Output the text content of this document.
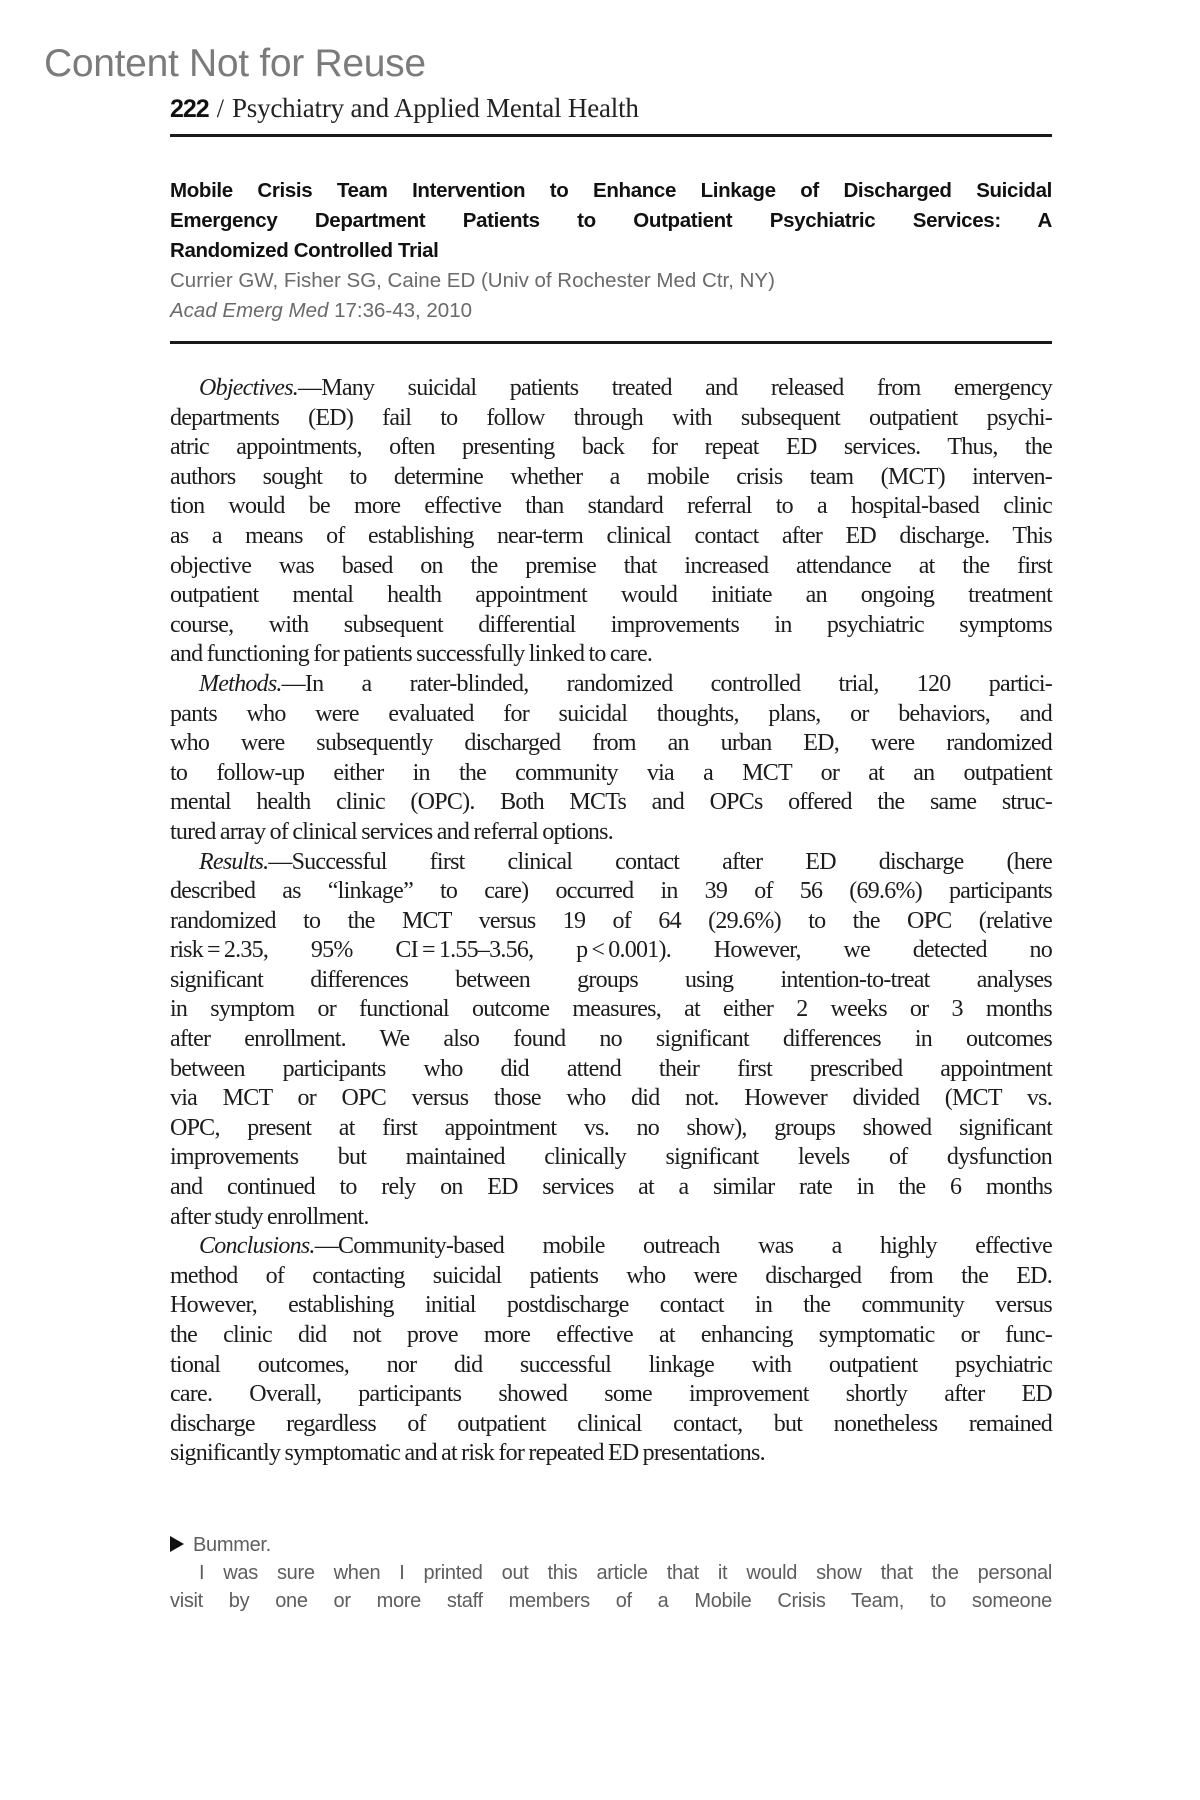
Content Not for Reuse
222 / Psychiatry and Applied Mental Health
Mobile Crisis Team Intervention to Enhance Linkage of Discharged Suicidal
Emergency Department Patients to Outpatient Psychiatric Services: A
Randomized Controlled Trial
Currier GW, Fisher SG, Caine ED (Univ of Rochester Med Ctr, NY)
Acad Emerg Med 17:36-43, 2010
Objectives.—Many suicidal patients treated and released from emergency
departments (ED) fail to follow through with subsequent outpatient psychi-
atric appointments, often presenting back for repeat ED services. Thus, the
authors sought to determine whether a mobile crisis team (MCT) interven-
tion would be more effective than standard referral to a hospital-based clinic
as a means of establishing near-term clinical contact after ED discharge. This
objective was based on the premise that increased attendance at the first
outpatient mental health appointment would initiate an ongoing treatment
course, with subsequent differential improvements in psychiatric symptoms
and functioning for patients successfully linked to care.
Methods.—In a rater-blinded, randomized controlled trial, 120 partici-
pants who were evaluated for suicidal thoughts, plans, or behaviors, and
who were subsequently discharged from an urban ED, were randomized
to follow-up either in the community via a MCT or at an outpatient
mental health clinic (OPC). Both MCTs and OPCs offered the same struc-
tured array of clinical services and referral options.
Results.—Successful first clinical contact after ED discharge (here
described as “linkage” to care) occurred in 39 of 56 (69.6%) participants
randomized to the MCT versus 19 of 64 (29.6%) to the OPC (relative
risk = 2.35, 95% CI = 1.55–3.56, p < 0.001). However, we detected no
significant differences between groups using intention-to-treat analyses
in symptom or functional outcome measures, at either 2 weeks or 3 months
after enrollment. We also found no significant differences in outcomes
between participants who did attend their first prescribed appointment
via MCT or OPC versus those who did not. However divided (MCT vs.
OPC, present at first appointment vs. no show), groups showed significant
improvements but maintained clinically significant levels of dysfunction
and continued to rely on ED services at a similar rate in the 6 months
after study enrollment.
Conclusions.—Community-based mobile outreach was a highly effective
method of contacting suicidal patients who were discharged from the ED.
However, establishing initial postdischarge contact in the community versus
the clinic did not prove more effective at enhancing symptomatic or func-
tional outcomes, nor did successful linkage with outpatient psychiatric
care. Overall, participants showed some improvement shortly after ED
discharge regardless of outpatient clinical contact, but nonetheless remained
significantly symptomatic and at risk for repeated ED presentations.
Bummer.
I was sure when I printed out this article that it would show that the personal
visit by one or more staff members of a Mobile Crisis Team, to someone
